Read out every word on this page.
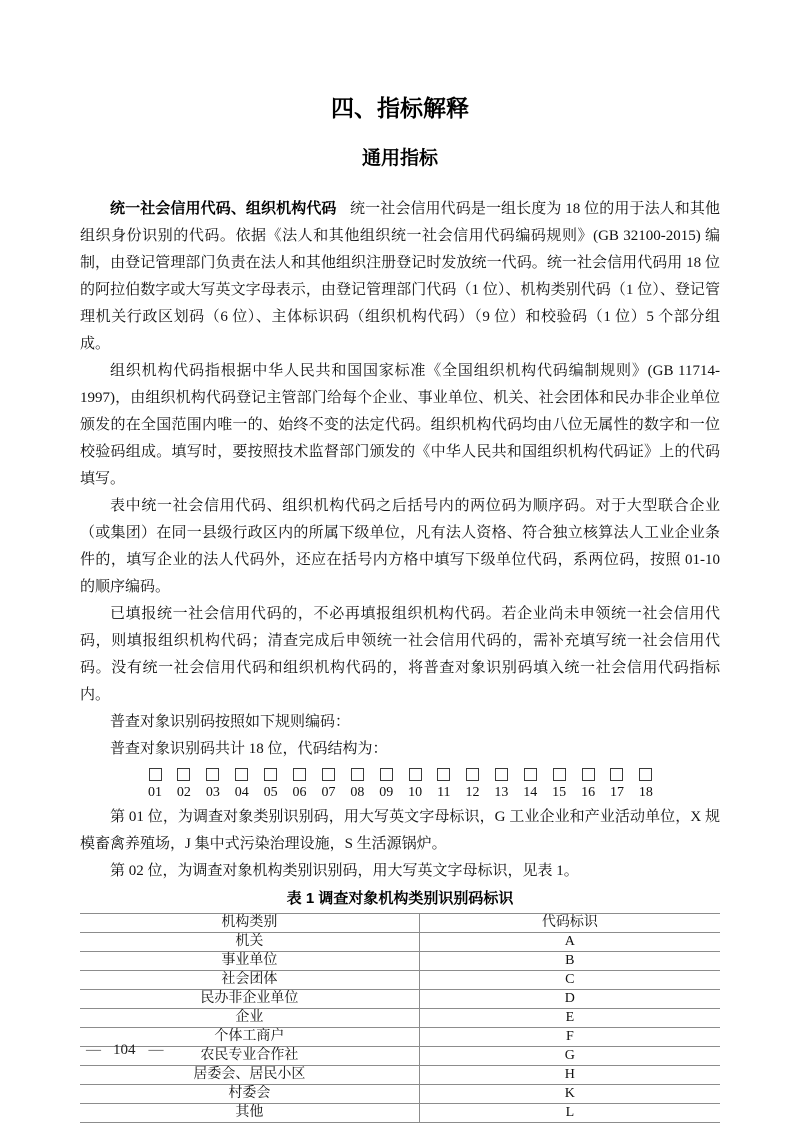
四、指标解释
通用指标

统一社会信用代码、组织机构代码 统一社会信用代码是一组长度为 18 位的用于法人和其他组织身份识别的代码。依据《法人和其他组织统一社会信用代码编码规则》(GB 32100-2015) 编制，由登记管理部门负责在法人和其他组织注册登记时发放统一代码。统一社会信用代码用 18 位的阿拉伯数字或大写英文字母表示，由登记管理部门代码（1 位）、机构类别代码（1 位）、登记管理机关行政区划码（6 位）、主体标识码（组织机构代码）（9 位）和校验码（1 位）5 个部分组成。

组织机构代码指根据中华人民共和国国家标准《全国组织机构代码编制规则》(GB 11714-1997)，由组织机构代码登记主管部门给每个企业、事业单位、机关、社会团体和民办非企业单位颁发的在全国范围内唯一的、始终不变的法定代码。组织机构代码均由八位无属性的数字和一位校验码组成。填写时，要按照技术监督部门颁发的《中华人民共和国组织机构代码证》上的代码填写。

表中统一社会信用代码、组织机构代码之后括号内的两位码为顺序码。对于大型联合企业（或集团）在同一县级行政区内的所属下级单位，凡有法人资格、符合独立核算法人工业企业条件的，填写企业的法人代码外，还应在括号内方格中填写下级单位代码，系两位码，按照 01-10 的顺序编码。

已填报统一社会信用代码的，不必再填报组织机构代码。若企业尚未申领统一社会信用代码，则填报组织机构代码；清查完成后申领统一社会信用代码的，需补充填写统一社会信用代码。没有统一社会信用代码和组织机构代码的，将普查对象识别码填入统一社会信用代码指标内。

普查对象识别码按照如下规则编码：

普查对象识别码共计 18 位，代码结构为：

01 02 03 04 05 06 07 08 09 10 11 12 13 14 15 16 17 18

第 01 位，为调查对象类别识别码，用大写英文字母标识，G 工业企业和产业活动单位，X 规模畜禽养殖场，J 集中式污染治理设施，S 生活源锅炉。

第 02 位，为调查对象机构类别识别码，用大写英文字母标识，见表 1。

表 1 调查对象机构类别识别码标识
机构类别	代码标识
机关	A
事业单位	B
社会团体	C
民办非企业单位	D
企业	E
个体工商户	F
农民专业合作社	G
居委会、居民小区	H
村委会	K
其他	L

— 104 —
